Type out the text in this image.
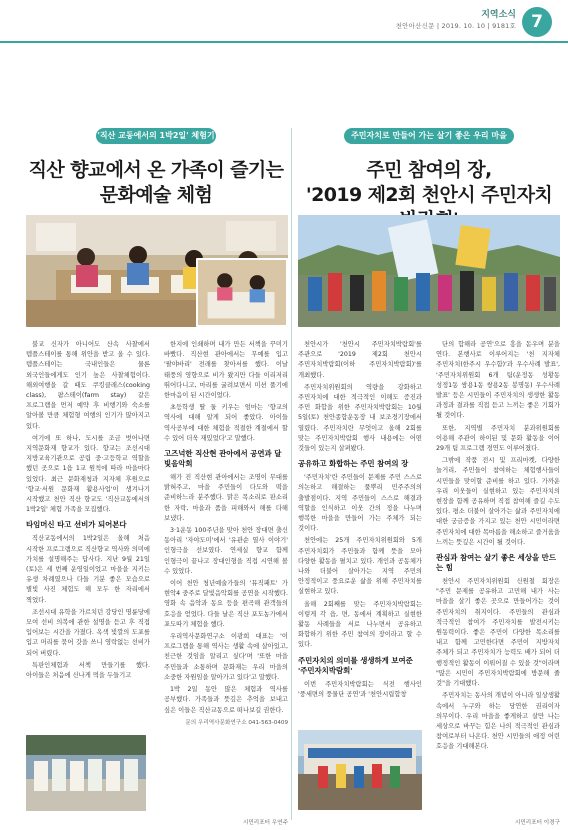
지역소식
천안아산신문 | 2019. 10. 10 | 9181호 7
'직산 교동에서의 1박2일' 체험기
직산 향교에서 온 가족이 즐기는
문화예술 체험

불교 신자가 아니어도 산속 사찰에서 템플스테이를 통해 위안을 받고 올 수 있다. 템플스테이는 국내인들은 물론 외국인들에게도 인기 높은 사찰체험이다. 해외여행을 갈 때도 쿠킹클래스(cooking class), 팜스테이(farm stay) 같은 프로그램을 먼저 예약 후 비행기와 숙소를 알아볼 만큼 체험형 여행의 인기가 많아지고 있다.

여기에 또 하나, 도시를 조금 벗어나면 지역문화재 향교가 있다. 향교는 조선시대 지방교육기관으로 공립 중·고등학교 역할을 했던 곳으로 1읍 1교 원칙에 따라 마을마다 있었다. 최근 문화재청과 지자체 후원으로 '향교·서원 문화재 활용사업'이 생겨나기 시작했고 천안 직산 향교도 '직산교동에서의 1박2일' 체험 가족을 모집했다.

타임머신 타고 선비가 되어본다

직산교동에서의 1박2일은 올해 처음 시작한 프로그램으로 직산향교 역사와 의미에 가치를 설명해주는 답사다. 지난 9월 21일(토)은 세 번째 운영일이었고 마을을 지키는 유생 차례였으나 다들 기분 좋은 모습으로 별빛 사진 체험도 해 모두 한 자리에서 찍었다.

조선시대 유학을 가르치던 강당인 명륜당에 모여 선비 의복에 관한 설명을 듣고 후 직접 입어보는 시간을 가졌다. 옥색 빛깔의 도포를 입고 머리를 묶어 갓을 쓰니 영락없는 선비가 되어 버렸다.

특판인체험과 서책 만들기를 했다. 아이들은 처음에 신나게 먹을 두들기고

한지에 인쇄하며 내가 만든 서책을 꾸미기 바빴다. 직산현 관아에서는 무예를 입고 '팔야바리' 전래를 찾아서를 했다. 이날 태풍의 영향으로 비가 왔지만 다들 이리저리 뛰어다니고, 마리를 굴려보면서 미션 풀기에 한마음이 된 시간이었다.

초등학생 딸 둘 키우는 엄마는 '향교의 역사에 대해 알게 되어 좋았다. 아이들 역사공부에 대한 체험을 적절한 계절에서 할 수 있어 더욱 재밌었다'고 말했다.

고즈넉한 직산현 관아에서 공연과 달빛음악회

해가 진 직산현 관아에서는 조명이 무대를 밝혀주고, 마을 주민들이 다도와 떡을 준비하느라 분주했다. 맑은 목소리로 판소리 한 자락, 마을과 품을 피해와서 해를 다해 보냈다.

3·1운동 100주년을 맞아 천안 장대면 출신 동아리 '자야도미'에서 '유관순 열사 이야기' 인형극을 선보였다. 연세실 향교 함께 인형극이 끝나고 장대인형을 직접 시연해 볼 수 있었다.

이어 천안 청년예술가들의 '뮤직패트' 가 현악4 중주로 달빛음악회를 공연을 시작했다. 영화 속 음악과 동요 등을 편곡해 관객들의 호응을 얻었다. 다들 날은 직산 포도농가에서 포도따기 체험을 했다.

우리역사문화연구소 이광희 대표는 '이 프로그램을 통해 역사는 생활 속에 살아있고, 친근한 것임을 알리고 싶다'며 '또한 마을 주민들과 소통하며 문화재는 우리 마을의 소중한 자원임을 알아가고 있다'고 말했다.

1박 2일 동안 많은 체험과 역사를 공부했다. 가족들과 뜻깊은 추억을 보내고 싶은 이들은 직산교동으로 떠나보길 권한다.

문의 우리역사문화연구소 041-563-0409
시민리포터 우연주
주민자치로 만들어 가는 살기 좋은 우리 마을
주민 참여의 장,
'2019 제2회 천안시 주민자치

천안시가 '천안시 주민자치박람회'를 주관으로 '2019 제2회 천안시 주민자치박람회(이하 주민자치박람회)'를 개최했다.

주민자치위원회의 역량을 강화하고 주민자치에 대한 적극적인 이해도 증진과 주민 화합을 위한 주민자치박람회는 10월 5일(토) 천안종합운동장 내 보조경기장에서 열렸다. 주민자치란 무엇이고 올해 2회를 맞는 주민자치박람회 행사 내용에는 어떤 것들이 있는지 살펴봤다.

공유하고 화합하는 주민 참여의 장

'주민자치'란 주민들이 문제를 주민 스스로 의논하고 해결하는 풀뿌리 민주주의의 출발점이다. 지역 주민들이 스스로 해결과 역할을 인식하고 이웃 간의 정을 나누며 행복한 마을을 만들어 가는 주체가 되는 것이다.

천안에는 25개 주민자치위원회와 5개 주민자치회가 주민들과 함께 뜻을 모아 다양한 활동을 펼치고 있다. 개인과 공동체가 나와 더불어 살아가는 지역 주민의 안정적이고 풍요로운 삶을 위해 주민자치를 실현하고 있다.

올해 2회째를 맞는 주민자치박람회는 이렇게 각 읍, 면, 동에서 계획하고 실현한 활동 사례들을 서로 나누면서 공유하고 화합하기 위한 주민 참여의 장이라고 할 수 있다.

주민자치의 의미를 생생하게 보여준 '주민자치박람회'

이번 주민자치박람회는 식전 행사인 '풍세면의 풍물단 공연'과 '천안시립합창

단의 합해라 공연'으로 흥을 돋우며 분을 연다. 본행사로 이루어지는 '천 지자체 주민자치(한주시 우수함)'과 우수사례 발표', '주민자치위원회 6개 팀(운정동 성황동 성정1동 쌍용1동 쌍용2동 봉명동) 우수사례 발표' 등은 시민들이 주민자치의 생생한 활동 과정과 결과를 직접 듣고 느끼는 좋은 기회가 될 것이다.

또한, 지역별 주민자치 분과위원회를 이용해 주관이 하이된 및 문화 활동을 이어 29개 팀 프로그램 경연도 이루어졌다.

그밖에 작품 전시 및 프리마켓, 다양한 놀거리, 주민들이 참여하는 체험행사들이 시민들을 맞이할 준비를 하고 있다. 가까운 우리 이웃들이 실현하고 있는 주민자치의 현장을 함께 공유하며 직접 참여해 즐길 수도 있다. 평소 더불어 살아가는 삶과 주민자치에 대한 궁금증을 가지고 있는 천안 시민이라면 주민자치에 대한 목마름을 해소하고 즐거움을 느끼는 뜻깊은 시간이 될 것이다.

관심과 참여는 살기 좋은 세상을 만드는 힘

천안시 주민자치위원회 신원철 회장은 "주민 문제를 공유하고 고민해 내가 사는 마을을 살기 좋은 곳으로 만들어가는 것이 주민자치의 취지이다. 주민들의 관심과 적극적인 참여가 주민자치를 발전시키는 원동력이다. 좋은 주민이 다양한 목소리를 내고 함께 고민한다면 주민이 지방자치 주체가 되고 주민자치가 능력도 배가 되어 더 행정적인 활동이 이뤄어질 수 있을 것"이라며 "많은 시민이 주민자치박람회에 방문해 줄 것"을 기대했다.

주민자치는 동사의 개념이 아니라 일상생활 속에서 누구와 하는 당연한 권리이자 의무이다. 우리 마을을 좋게하고 살만 나는 세상으로 바꾸는 힘은 나의 적극적인 관심과 참여로부터 나온다. 천안 시민들의 애정 어린 호응을 기대해본다.

시민리포터 이경구
